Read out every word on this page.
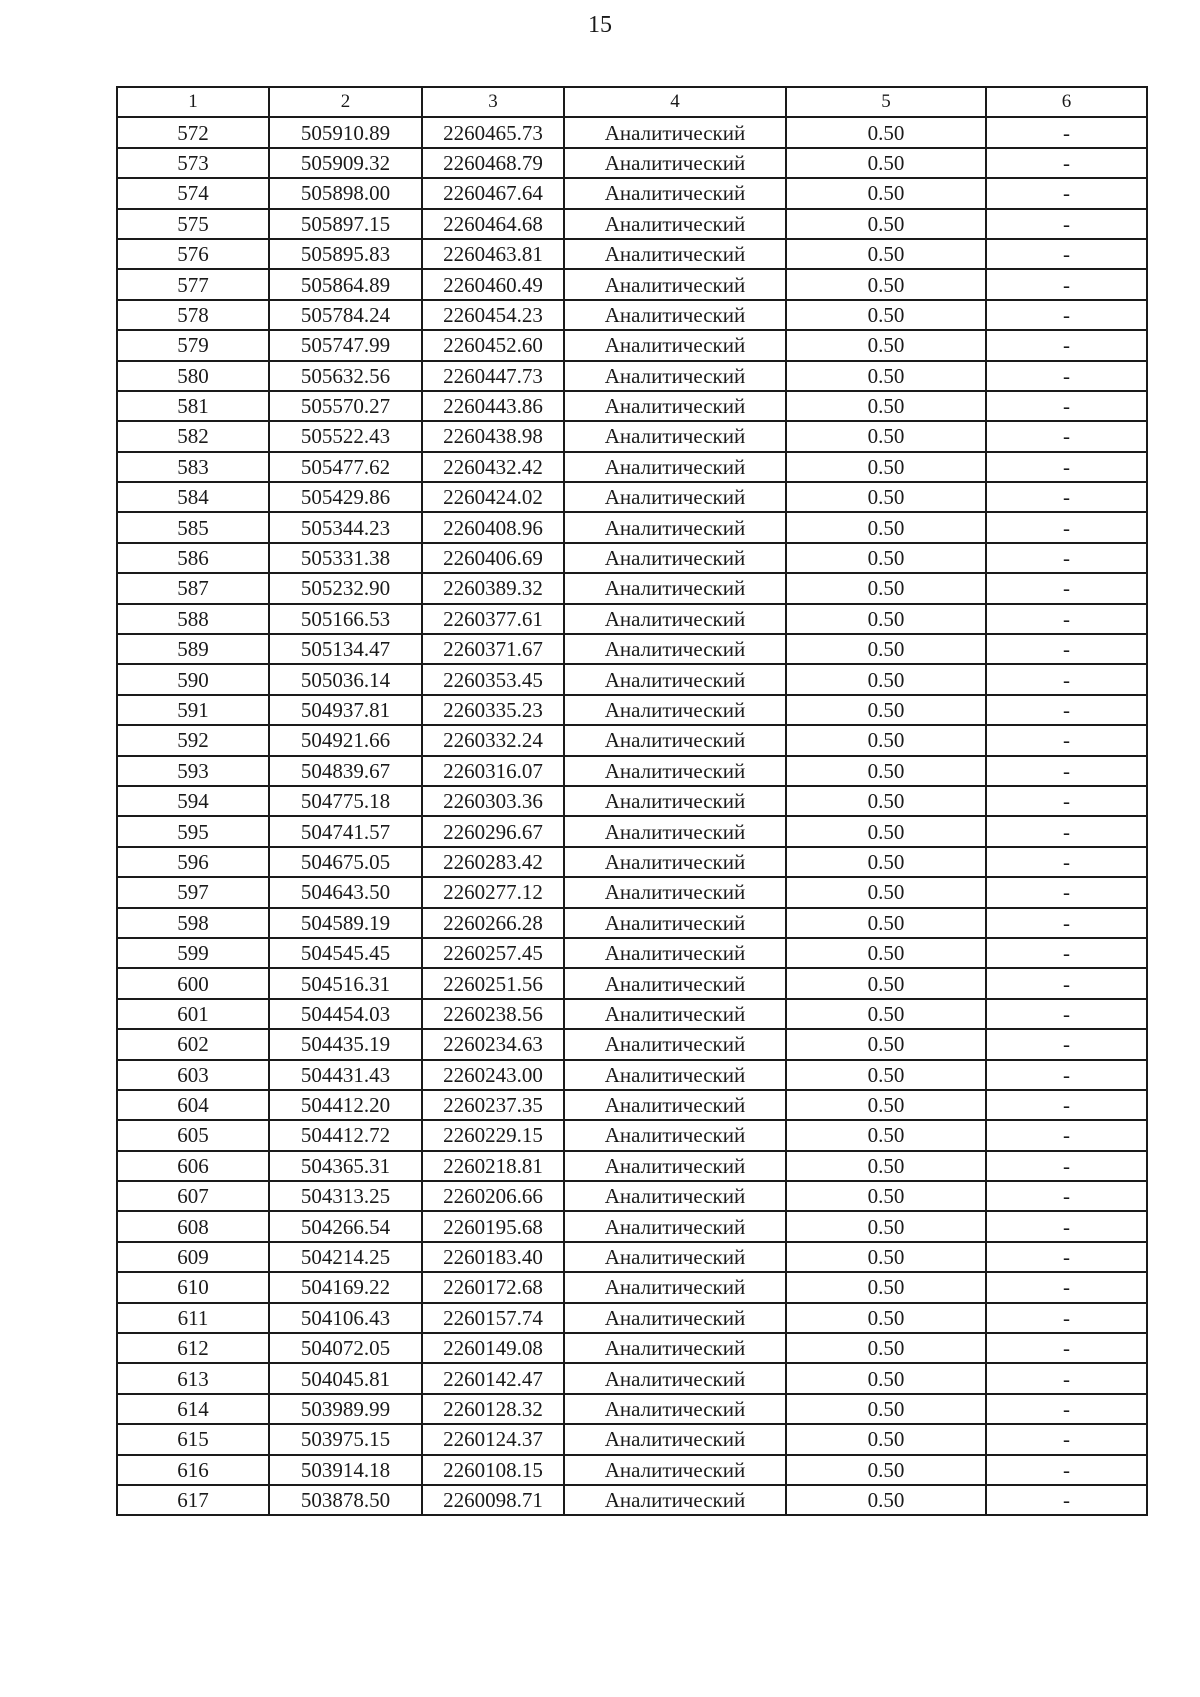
15
1	2	3	4	5	6
572	505910.89	2260465.73	Аналитический	0.50	-
573	505909.32	2260468.79	Аналитический	0.50	-
574	505898.00	2260467.64	Аналитический	0.50	-
575	505897.15	2260464.68	Аналитический	0.50	-
576	505895.83	2260463.81	Аналитический	0.50	-
577	505864.89	2260460.49	Аналитический	0.50	-
578	505784.24	2260454.23	Аналитический	0.50	-
579	505747.99	2260452.60	Аналитический	0.50	-
580	505632.56	2260447.73	Аналитический	0.50	-
581	505570.27	2260443.86	Аналитический	0.50	-
582	505522.43	2260438.98	Аналитический	0.50	-
583	505477.62	2260432.42	Аналитический	0.50	-
584	505429.86	2260424.02	Аналитический	0.50	-
585	505344.23	2260408.96	Аналитический	0.50	-
586	505331.38	2260406.69	Аналитический	0.50	-
587	505232.90	2260389.32	Аналитический	0.50	-
588	505166.53	2260377.61	Аналитический	0.50	-
589	505134.47	2260371.67	Аналитический	0.50	-
590	505036.14	2260353.45	Аналитический	0.50	-
591	504937.81	2260335.23	Аналитический	0.50	-
592	504921.66	2260332.24	Аналитический	0.50	-
593	504839.67	2260316.07	Аналитический	0.50	-
594	504775.18	2260303.36	Аналитический	0.50	-
595	504741.57	2260296.67	Аналитический	0.50	-
596	504675.05	2260283.42	Аналитический	0.50	-
597	504643.50	2260277.12	Аналитический	0.50	-
598	504589.19	2260266.28	Аналитический	0.50	-
599	504545.45	2260257.45	Аналитический	0.50	-
600	504516.31	2260251.56	Аналитический	0.50	-
601	504454.03	2260238.56	Аналитический	0.50	-
602	504435.19	2260234.63	Аналитический	0.50	-
603	504431.43	2260243.00	Аналитический	0.50	-
604	504412.20	2260237.35	Аналитический	0.50	-
605	504412.72	2260229.15	Аналитический	0.50	-
606	504365.31	2260218.81	Аналитический	0.50	-
607	504313.25	2260206.66	Аналитический	0.50	-
608	504266.54	2260195.68	Аналитический	0.50	-
609	504214.25	2260183.40	Аналитический	0.50	-
610	504169.22	2260172.68	Аналитический	0.50	-
611	504106.43	2260157.74	Аналитический	0.50	-
612	504072.05	2260149.08	Аналитический	0.50	-
613	504045.81	2260142.47	Аналитический	0.50	-
614	503989.99	2260128.32	Аналитический	0.50	-
615	503975.15	2260124.37	Аналитический	0.50	-
616	503914.18	2260108.15	Аналитический	0.50	-
617	503878.50	2260098.71	Аналитический	0.50	-
